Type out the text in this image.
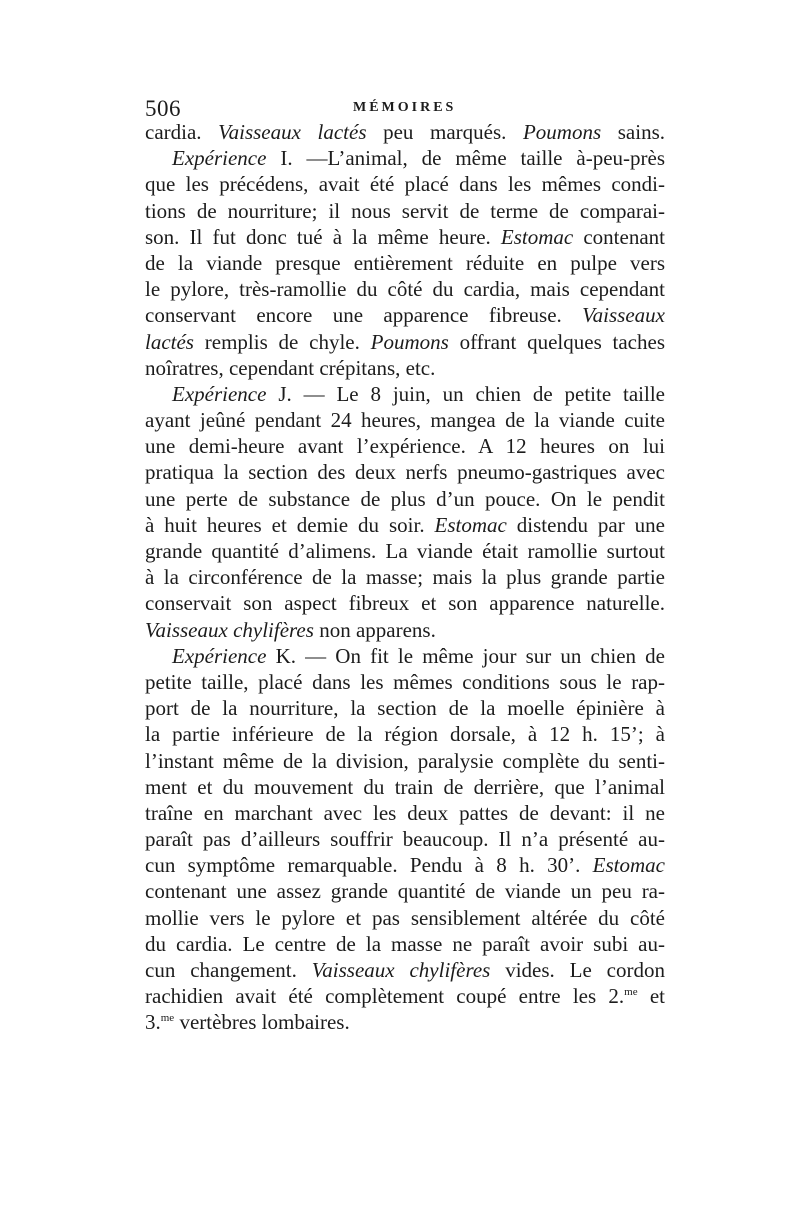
506	MÉMOIRES
cardia. Vaisseaux lactés peu marqués. Poumons sains.
Expérience I. —L’animal, de même taille à-peu-près
que les précédens, avait été placé dans les mêmes condi-
tions de nourriture; il nous servit de terme de comparai-
son. Il fut donc tué à la même heure. Estomac contenant
de la viande presque entièrement réduite en pulpe vers
le pylore, très-ramollie du côté du cardia, mais cependant
conservant encore une apparence fibreuse. Vaisseaux
lactés remplis de chyle. Poumons offrant quelques taches
noîratres, cependant crépitans, etc.
Expérience J. — Le 8 juin, un chien de petite taille
ayant jeûné pendant 24 heures, mangea de la viande cuite
une demi-heure avant l’expérience. A 12 heures on lui
pratiqua la section des deux nerfs pneumo-gastriques avec
une perte de substance de plus d’un pouce. On le pendit
à huit heures et demie du soir. Estomac distendu par une
grande quantité d’alimens. La viande était ramollie surtout
à la circonférence de la masse; mais la plus grande partie
conservait son aspect fibreux et son apparence naturelle.
Vaisseaux chylifères non apparens.
Expérience K. — On fit le même jour sur un chien de
petite taille, placé dans les mêmes conditions sous le rap-
port de la nourriture, la section de la moelle épinière à
la partie inférieure de la région dorsale, à 12 h. 15’; à
l’instant même de la division, paralysie complète du senti-
ment et du mouvement du train de derrière, que l’animal
traîne en marchant avec les deux pattes de devant: il ne
paraît pas d’ailleurs souffrir beaucoup. Il n’a présenté au-
cun symptôme remarquable. Pendu à 8 h. 30’. Estomac
contenant une assez grande quantité de viande un peu ra-
mollie vers le pylore et pas sensiblement altérée du côté
du cardia. Le centre de la masse ne paraît avoir subi au-
cun changement. Vaisseaux chylifères vides. Le cordon
rachidien avait été complètement coupé entre les 2.$^{me}$ et
3.$^{me}$ vertèbres lombaires.
